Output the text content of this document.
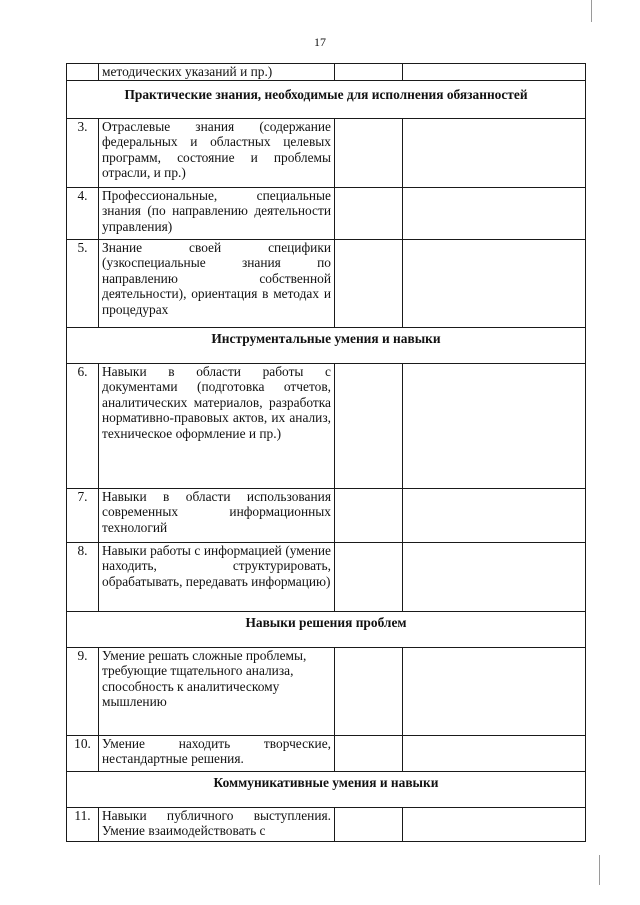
17
	методических указаний и пр.)		
Практические знания, необходимые для исполнения обязанностей			
3.	Отраслевые знания (содержание федеральных и областных целевых программ, состояние и проблемы отрасли, и пр.)		
4.	Профессиональные, специальные знания (по направлению деятельности управления)		
5.	Знание своей специфики (узкоспециальные знания по направлению собственной деятельности), ориентация в методах и процедурах		
Инструментальные умения и навыки			
6.	Навыки в области работы с документами (подготовка отчетов, аналитических материалов, разработка нормативно-правовых актов, их анализ, техническое оформление и пр.)		
7.	Навыки в области использования современных информационных технологий		
8.	Навыки работы с информацией (умение находить, структурировать, обрабатывать, передавать информацию)		
Навыки решения проблем			
9.	Умение решать сложные проблемы, требующие тщательного анализа, способность к аналитическому мышлению		
10.	Умение находить творческие, нестандартные решения.		
Коммуникативные умения и навыки			
11.	Навыки публичного выступления. Умение взаимодействовать с		
